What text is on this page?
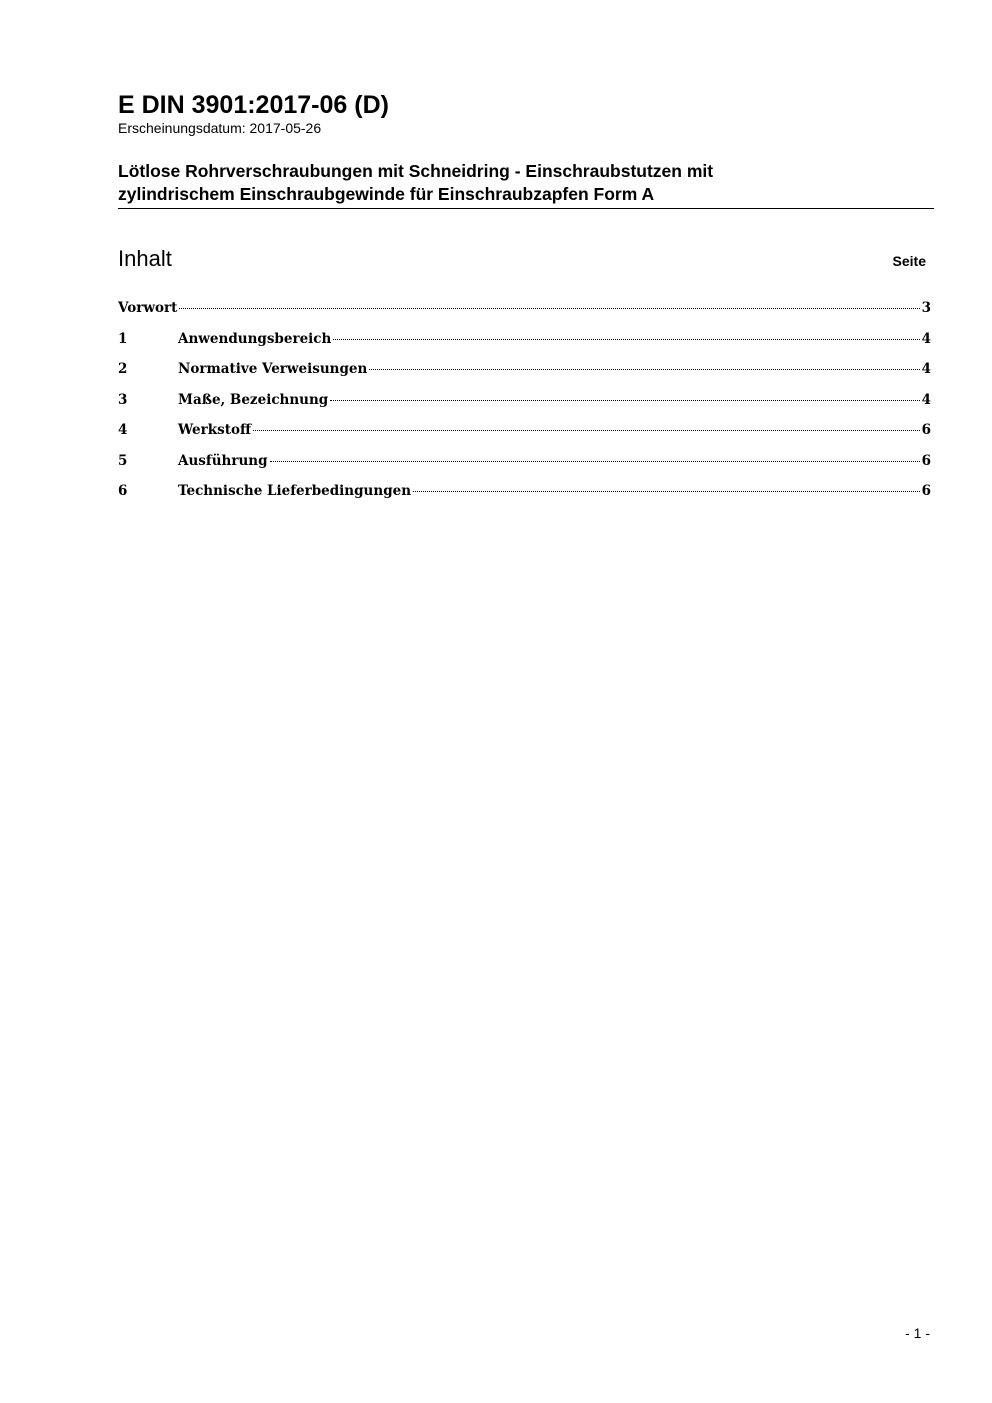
E DIN 3901:2017-06 (D)

Erscheinungsdatum: 2017-05-26

Lötlose Rohrverschraubungen mit Schneidring - Einschraubstutzen mit
zylindrischem Einschraubgewinde für Einschraubzapfen Form A
Inhalt	Seite
Vorwort	3
1	Anwendungsbereich	4
2	Normative Verweisungen	4
3	Maße, Bezeichnung	4
4	Werkstoff	6
5	Ausführung	6
6	Technische Lieferbedingungen	6
- 1 -
